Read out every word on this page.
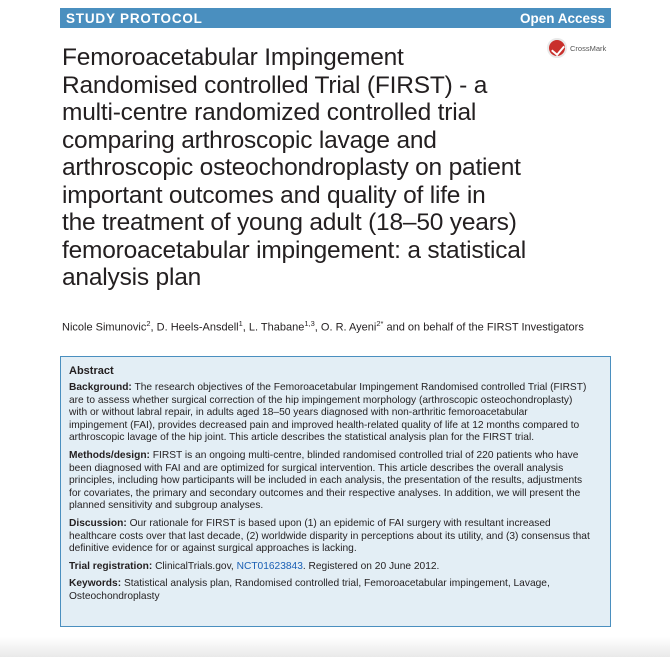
STUDY PROTOCOL	Open Access
CrossMark
Femoroacetabular Impingement
Randomised controlled Trial (FIRST) - a
multi-centre randomized controlled trial
comparing arthroscopic lavage and
arthroscopic osteochondroplasty on patient
important outcomes and quality of life in
the treatment of young adult (18–50 years)
femoroacetabular impingement: a statistical
analysis plan
Nicole Simunovic$^2$, D. Heels-Ansdell$^1$, L. Thabane$^{1,3}$, O. R. Ayeni$^{2*}$ and on behalf of the FIRST Investigators
Abstract

Background: The research objectives of the Femoroacetabular Impingement Randomised controlled Trial (FIRST)
are to assess whether surgical correction of the hip impingement morphology (arthroscopic osteochondroplasty)
with or without labral repair, in adults aged 18–50 years diagnosed with non-arthritic femoroacetabular
impingement (FAI), provides decreased pain and improved health-related quality of life at 12 months compared to
arthroscopic lavage of the hip joint. This article describes the statistical analysis plan for the FIRST trial.

Methods/design: FIRST is an ongoing multi-centre, blinded randomised controlled trial of 220 patients who have
been diagnosed with FAI and are optimized for surgical intervention. This article describes the overall analysis
principles, including how participants will be included in each analysis, the presentation of the results, adjustments
for covariates, the primary and secondary outcomes and their respective analyses. In addition, we will present the
planned sensitivity and subgroup analyses.

Discussion: Our rationale for FIRST is based upon (1) an epidemic of FAI surgery with resultant increased
healthcare costs over that last decade, (2) worldwide disparity in perceptions about its utility, and (3) consensus that
definitive evidence for or against surgical approaches is lacking.

Trial registration: ClinicalTrials.gov, NCT01623843. Registered on 20 June 2012.

Keywords: Statistical analysis plan, Randomised controlled trial, Femoroacetabular impingement, Lavage,
Osteochondroplasty
